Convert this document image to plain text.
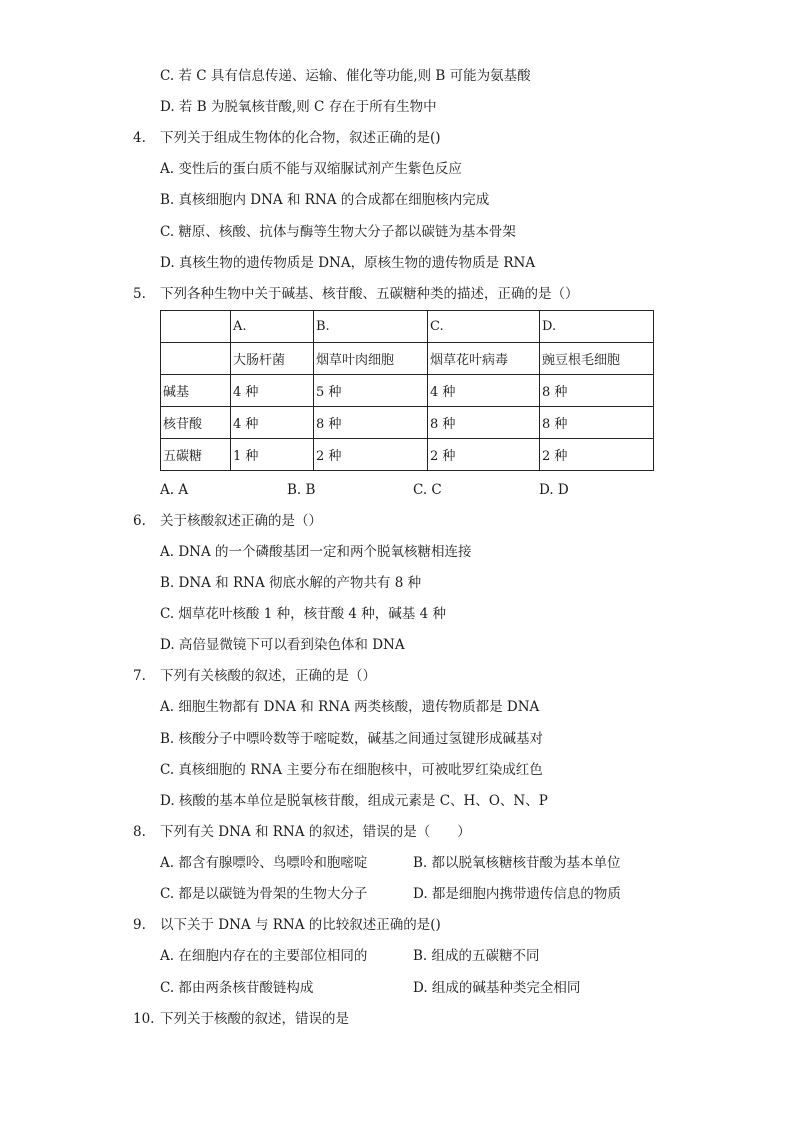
C. 若 C 具有信息传递、运输、催化等功能,则 B 可能为氨基酸
D. 若 B 为脱氧核苷酸,则 C 存在于所有生物中
4. 下列关于组成生物体的化合物，叙述正确的是()
A. 变性后的蛋白质不能与双缩脲试剂产生紫色反应
B. 真核细胞内 DNA 和 RNA 的合成都在细胞核内完成
C. 糖原、核酸、抗体与酶等生物大分子都以碳链为基本骨架
D. 真核生物的遗传物质是 DNA，原核生物的遗传物质是 RNA
5. 下列各种生物中关于碱基、核苷酸、五碳糖种类的描述，正确的是（）
	A.	B.	C.	D.
	大肠杆菌	烟草叶肉细胞	烟草花叶病毒	豌豆根毛细胞
碱基	4 种	5 种	4 种	8 种
核苷酸	4 种	8 种	8 种	8 种
五碳糖	1 种	2 种	2 种	2 种
A. A	B. B	C. C	D. D
6. 关于核酸叙述正确的是（）
A. DNA 的一个磷酸基团一定和两个脱氧核糖相连接
B. DNA 和 RNA 彻底水解的产物共有 8 种
C. 烟草花叶核酸 1 种，核苷酸 4 种，碱基 4 种
D. 高倍显微镜下可以看到染色体和 DNA
7. 下列有关核酸的叙述，正确的是（）
A. 细胞生物都有 DNA 和 RNA 两类核酸，遗传物质都是 DNA
B. 核酸分子中嘌呤数等于嘧啶数，碱基之间通过氢键形成碱基对
C. 真核细胞的 RNA 主要分布在细胞核中，可被吡罗红染成红色
D. 核酸的基本单位是脱氧核苷酸，组成元素是 C、H、O、N、P
8. 下列有关 DNA 和 RNA 的叙述，错误的是（　　）
A. 都含有腺嘌呤、鸟嘌呤和胞嘧啶	B. 都以脱氧核糖核苷酸为基本单位
C. 都是以碳链为骨架的生物大分子	D. 都是细胞内携带遗传信息的物质
9. 以下关于 DNA 与 RNA 的比较叙述正确的是()
A. 在细胞内存在的主要部位相同的	B. 组成的五碳糖不同
C. 都由两条核苷酸链构成	D. 组成的碱基种类完全相同
10. 下列关于核酸的叙述，错误的是
